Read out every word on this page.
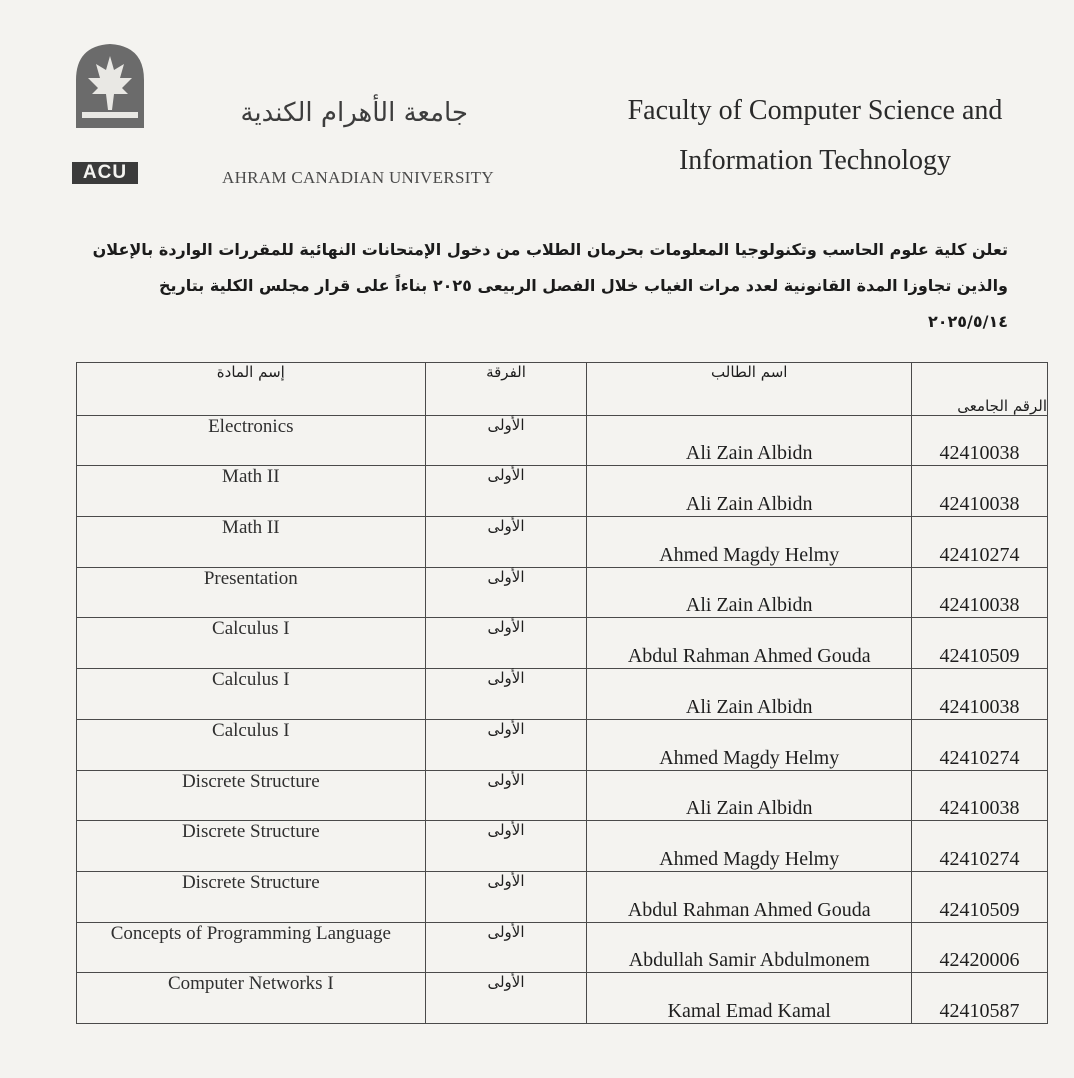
جامعة الأهرام الكندية
ACU	AHRAM CANADIAN UNIVERSITY
Faculty of Computer Science and
Information Technology
تعلن كلية علوم الحاسب وتكنولوجيا المعلومات بحرمان الطلاب من دخول الإمتحانات النهائية للمقررات الواردة بالإعلان
والذين تجاوزا المدة القانونية لعدد مرات الغياب خلال الفصل الربيعى ٢٠٢٥ بناءاً على قرار مجلس الكلية بتاريخ
٢٠٢٥/٥/١٤
إسم المادة	الفرقة	اسم الطالب	الرقم الجامعى
Electronics	الأولى	Ali Zain Albidn	42410038
Math II	الأولى	Ali Zain Albidn	42410038
Math II	الأولى	Ahmed Magdy Helmy	42410274
Presentation	الأولى	Ali Zain Albidn	42410038
Calculus I	الأولى	Abdul Rahman Ahmed Gouda	42410509
Calculus I	الأولى	Ali Zain Albidn	42410038
Calculus I	الأولى	Ahmed Magdy Helmy	42410274
Discrete Structure	الأولى	Ali Zain Albidn	42410038
Discrete Structure	الأولى	Ahmed Magdy Helmy	42410274
Discrete Structure	الأولى	Abdul Rahman Ahmed Gouda	42410509
Concepts of Programming Language	الأولى	Abdullah Samir Abdulmonem	42420006
Computer Networks I	الأولى	Kamal Emad Kamal	42410587
